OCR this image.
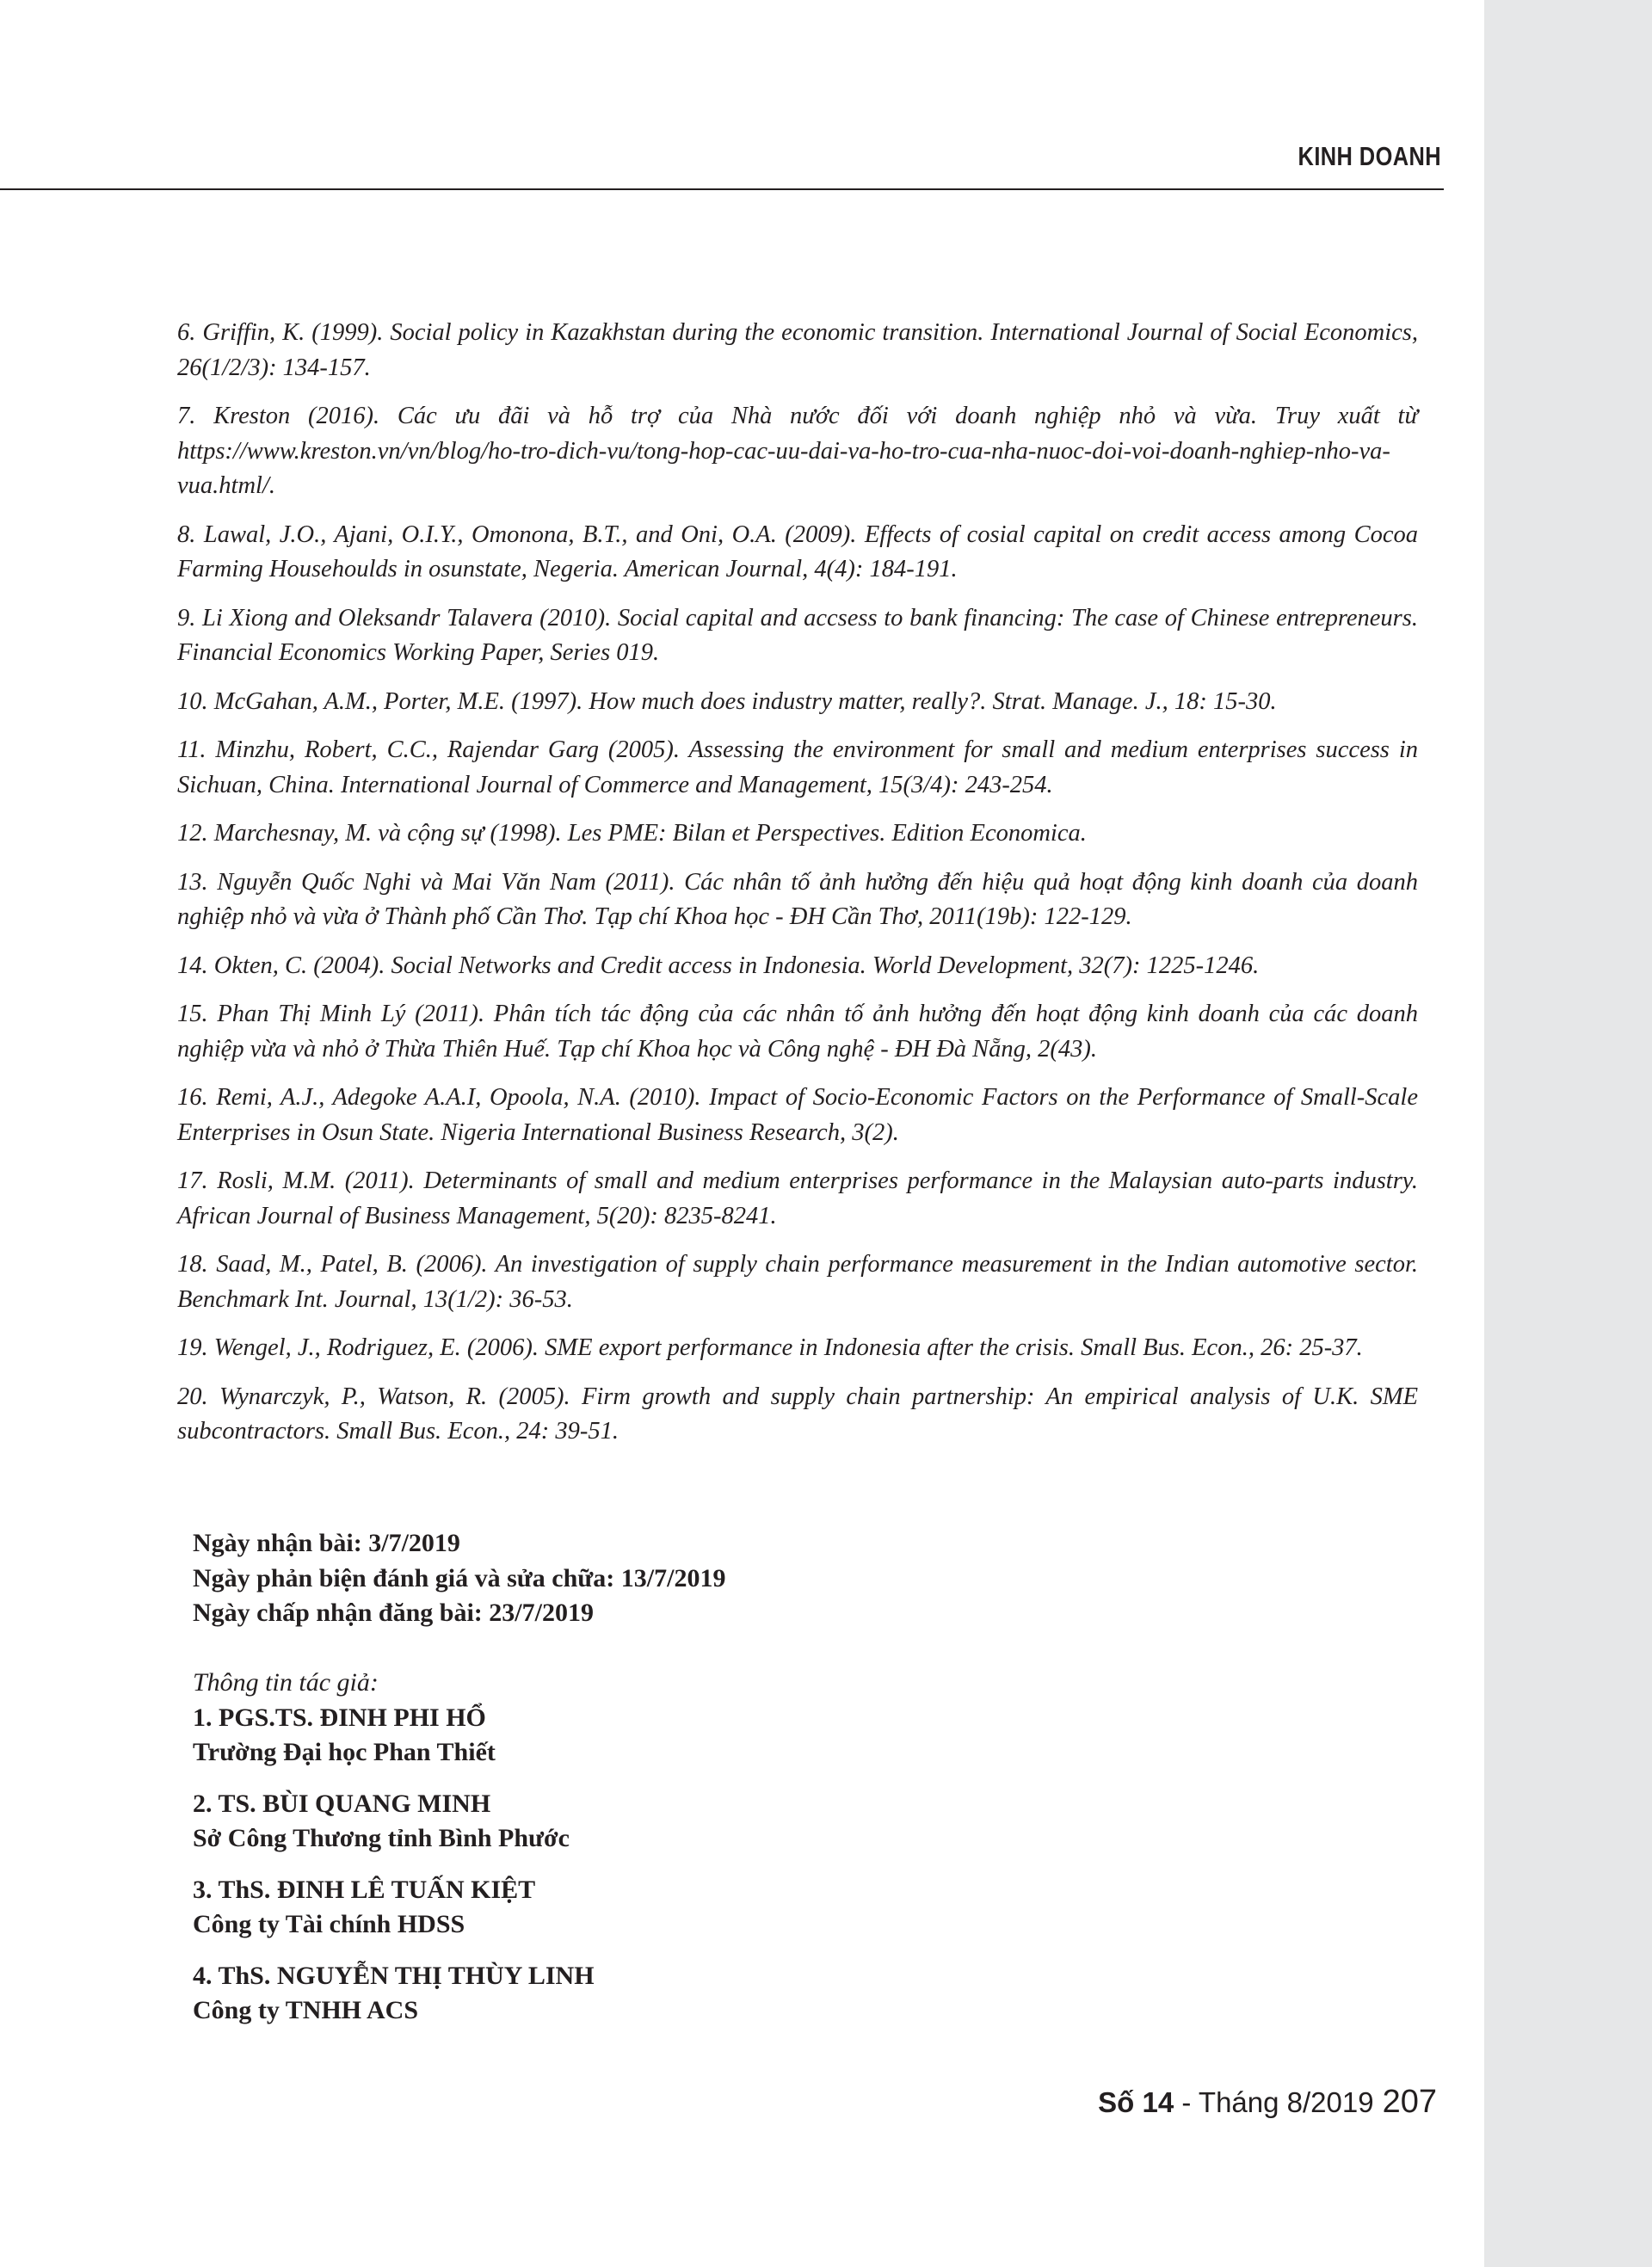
KINH DOANH

6. Griffin, K. (1999). Social policy in Kazakhstan during the economic transition. International Journal of Social Economics, 26(1/2/3): 134-157.

7. Kreston (2016). Các ưu đãi và hỗ trợ của Nhà nước đối với doanh nghiệp nhỏ và vừa. Truy xuất từ https://www.kreston.vn/vn/blog/ho-tro-dich-vu/tong-hop-cac-uu-dai-va-ho-tro-cua-nha-nuoc-doi-voi-doanh-nghiep-nho-va-vua.html/.

8. Lawal, J.O., Ajani, O.I.Y., Omonona, B.T., and Oni, O.A. (2009). Effects of cosial capital on credit access among Cocoa Farming Househoulds in osunstate, Negeria. American Journal, 4(4): 184-191.

9. Li Xiong and Oleksandr Talavera (2010). Social capital and accsess to bank financing: The case of Chinese entrepreneurs. Financial Economics Working Paper, Series 019.

10. McGahan, A.M., Porter, M.E. (1997). How much does industry matter, really?. Strat. Manage. J., 18: 15-30.

11. Minzhu, Robert, C.C., Rajendar Garg (2005). Assessing the environment for small and medium enterprises success in Sichuan, China. International Journal of Commerce and Management, 15(3/4): 243-254.

12. Marchesnay, M. và cộng sự (1998). Les PME: Bilan et Perspectives. Edition Economica.

13. Nguyễn Quốc Nghi và Mai Văn Nam (2011). Các nhân tố ảnh hưởng đến hiệu quả hoạt động kinh doanh của doanh nghiệp nhỏ và vừa ở Thành phố Cần Thơ. Tạp chí Khoa học - ĐH Cần Thơ, 2011(19b): 122-129.

14. Okten, C. (2004). Social Networks and Credit access in Indonesia. World Development, 32(7): 1225-1246.

15. Phan Thị Minh Lý (2011). Phân tích tác động của các nhân tố ảnh hưởng đến hoạt động kinh doanh của các doanh nghiệp vừa và nhỏ ở Thừa Thiên Huế. Tạp chí Khoa học và Công nghệ - ĐH Đà Nẵng, 2(43).

16. Remi, A.J., Adegoke A.A.I, Opoola, N.A. (2010). Impact of Socio-Economic Factors on the Performance of Small-Scale Enterprises in Osun State. Nigeria International Business Research, 3(2).

17. Rosli, M.M. (2011). Determinants of small and medium enterprises performance in the Malaysian auto-parts industry. African Journal of Business Management, 5(20): 8235-8241.

18. Saad, M., Patel, B. (2006). An investigation of supply chain performance measurement in the Indian automotive sector. Benchmark Int. Journal, 13(1/2): 36-53.

19. Wengel, J., Rodriguez, E. (2006). SME export performance in Indonesia after the crisis. Small Bus. Econ., 26: 25-37.

20. Wynarczyk, P., Watson, R. (2005). Firm growth and supply chain partnership: An empirical analysis of U.K. SME subcontractors. Small Bus. Econ., 24: 39-51.

Ngày nhận bài: 3/7/2019
Ngày phản biện đánh giá và sửa chữa: 13/7/2019
Ngày chấp nhận đăng bài: 23/7/2019
Thông tin tác giả:
1. PGS.TS. ĐINH PHI HỔ
Trường Đại học Phan Thiết
2. TS. BÙI QUANG MINH
Sở Công Thương tỉnh Bình Phước
3. ThS. ĐINH LÊ TUẤN KIỆT
Công ty Tài chính HDSS
4. ThS. NGUYỄN THỊ THÙY LINH
Công ty TNHH ACS
Số 14 - Tháng 8/2019 207
